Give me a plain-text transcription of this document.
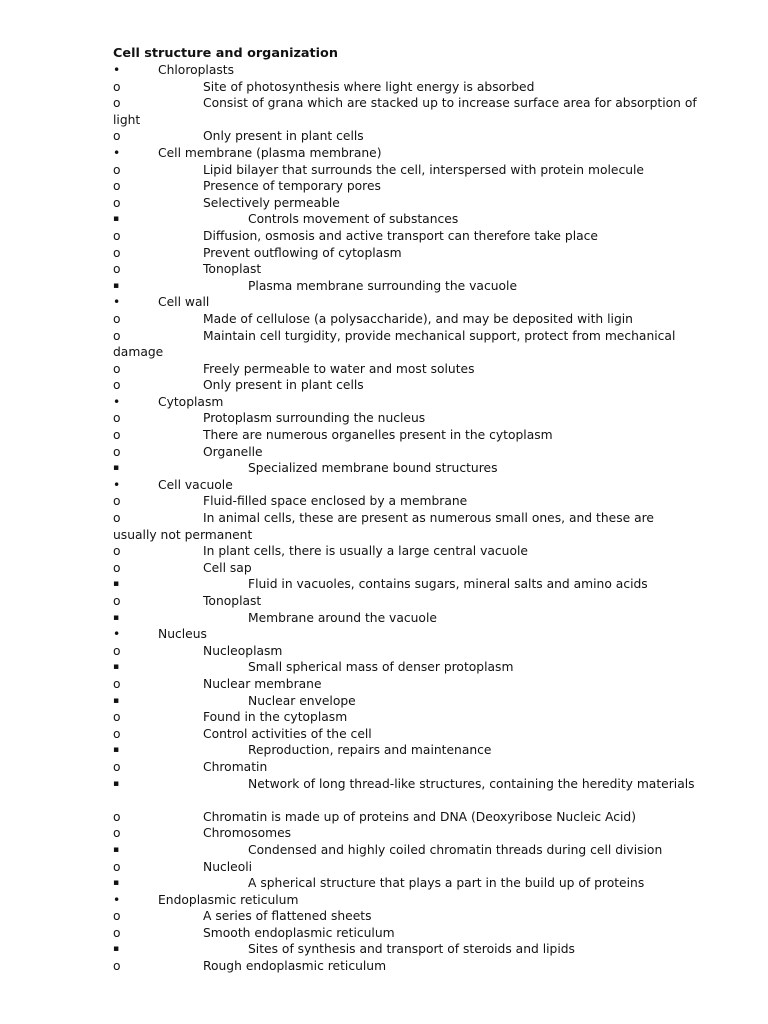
Cell structure and organization
•	Chloroplasts
o	Site of photosynthesis where light energy is absorbed
o	Consist of grana which are stacked up to increase surface area for absorption of light
o	Only present in plant cells
•	Cell membrane (plasma membrane)
o	Lipid bilayer that surrounds the cell, interspersed with protein molecule
o	Presence of temporary pores
o	Selectively permeable
▪	Controls movement of substances
o	Diffusion, osmosis and active transport can therefore take place
o	Prevent outflowing of cytoplasm
o	Tonoplast
▪	Plasma membrane surrounding the vacuole
•	Cell wall
o	Made of cellulose (a polysaccharide), and may be deposited with ligin
o	Maintain cell turgidity, provide mechanical support, protect from mechanical damage
o	Freely permeable to water and most solutes
o	Only present in plant cells
•	Cytoplasm
o	Protoplasm surrounding the nucleus
o	There are numerous organelles present in the cytoplasm
o	Organelle
▪	Specialized membrane bound structures
•	Cell vacuole
o	Fluid-filled space enclosed by a membrane
o	In animal cells, these are present as numerous small ones, and these are usually not permanent
o	In plant cells, there is usually a large central vacuole
o	Cell sap
▪	Fluid in vacuoles, contains sugars, mineral salts and amino acids
o	Tonoplast
▪	Membrane around the vacuole
•	Nucleus
o	Nucleoplasm
▪	Small spherical mass of denser protoplasm
o	Nuclear membrane
▪	Nuclear envelope
o	Found in the cytoplasm
o	Control activities of the cell
▪	Reproduction, repairs and maintenance
o	Chromatin
▪	Network of long thread-like structures, containing the heredity materials
o	Chromatin is made up of proteins and DNA (Deoxyribose Nucleic Acid)
o	Chromosomes
▪	Condensed and highly coiled chromatin threads during cell division
o	Nucleoli
▪	A spherical structure that plays a part in the build up of proteins
•	Endoplasmic reticulum
o	A series of flattened sheets
o	Smooth endoplasmic reticulum
▪	Sites of synthesis and transport of steroids and lipids
o	Rough endoplasmic reticulum
